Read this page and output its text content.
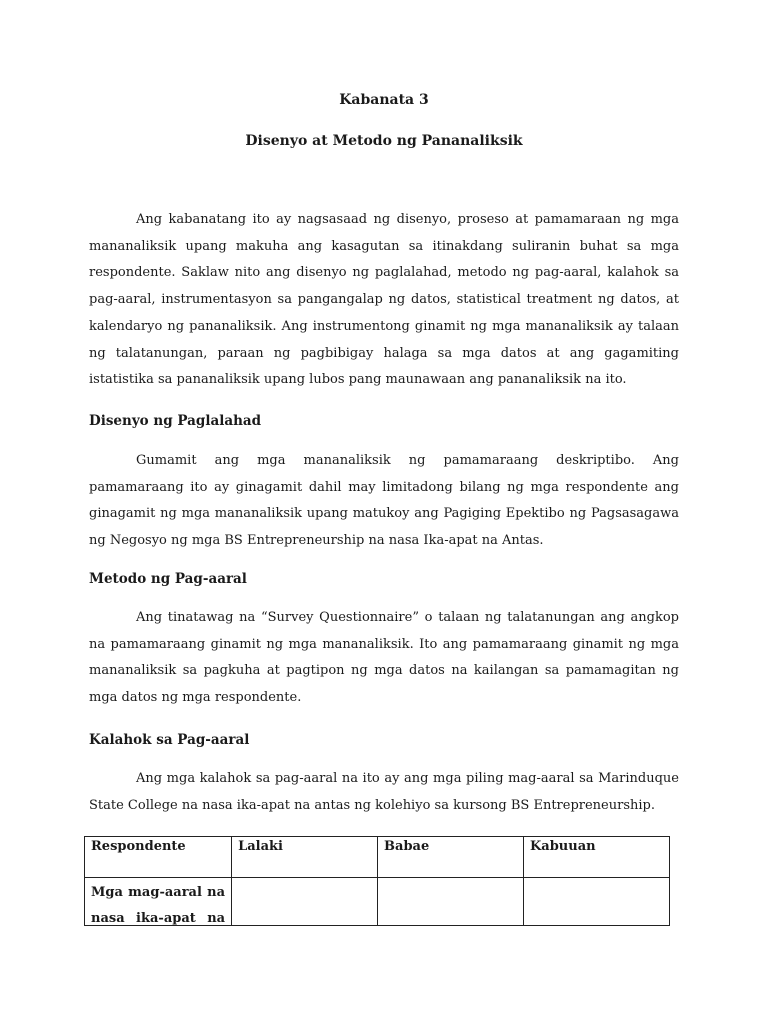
Kabanata 3
Disenyo at Metodo ng Pananaliksik

Ang kabanatang ito ay nagsasaad ng disenyo, proseso at pamamaraan ng mga mananaliksik upang makuha ang kasagutan sa itinakdang suliranin buhat sa mga respondente. Saklaw nito ang disenyo ng paglalahad, metodo ng pag-aaral, kalahok sa pag-aaral, instrumentasyon sa pangangalap ng datos, statistical treatment ng datos, at kalendaryo ng pananaliksik. Ang instrumentong ginamit ng mga mananaliksik ay talaan ng talatanungan, paraan ng pagbibigay halaga sa mga datos at ang gagamiting istatistika sa pananaliksik upang lubos pang maunawaan ang pananaliksik na ito.

Disenyo ng Paglalahad

Gumamit ang mga mananaliksik ng pamamaraang deskriptibo. Ang pamamaraang ito ay ginagamit dahil may limitadong bilang ng mga respondente ang ginagamit ng mga mananaliksik upang matukoy ang Pagiging Epektibo ng Pagsasagawa ng Negosyo ng mga BS Entrepreneurship na nasa Ika-apat na Antas.

Metodo ng Pag-aaral

Ang tinatawag na “Survey Questionnaire” o talaan ng talatanungan ang angkop na pamamaraang ginamit ng mga mananaliksik. Ito ang pamamaraang ginamit ng mga mananaliksik sa pagkuha at pagtipon ng mga datos na kailangan sa pamamagitan ng mga datos ng mga respondente.

Kalahok sa Pag-aaral

Ang mga kalahok sa pag-aaral na ito ay ang mga piling mag-aaral sa Marinduque State College na nasa ika-apat na antas ng kolehiyo sa kursong BS Entrepreneurship.

Respondente	Lalaki	Babae	Kabuuan

Mga mag-aaral na nasa ika-apat na			
